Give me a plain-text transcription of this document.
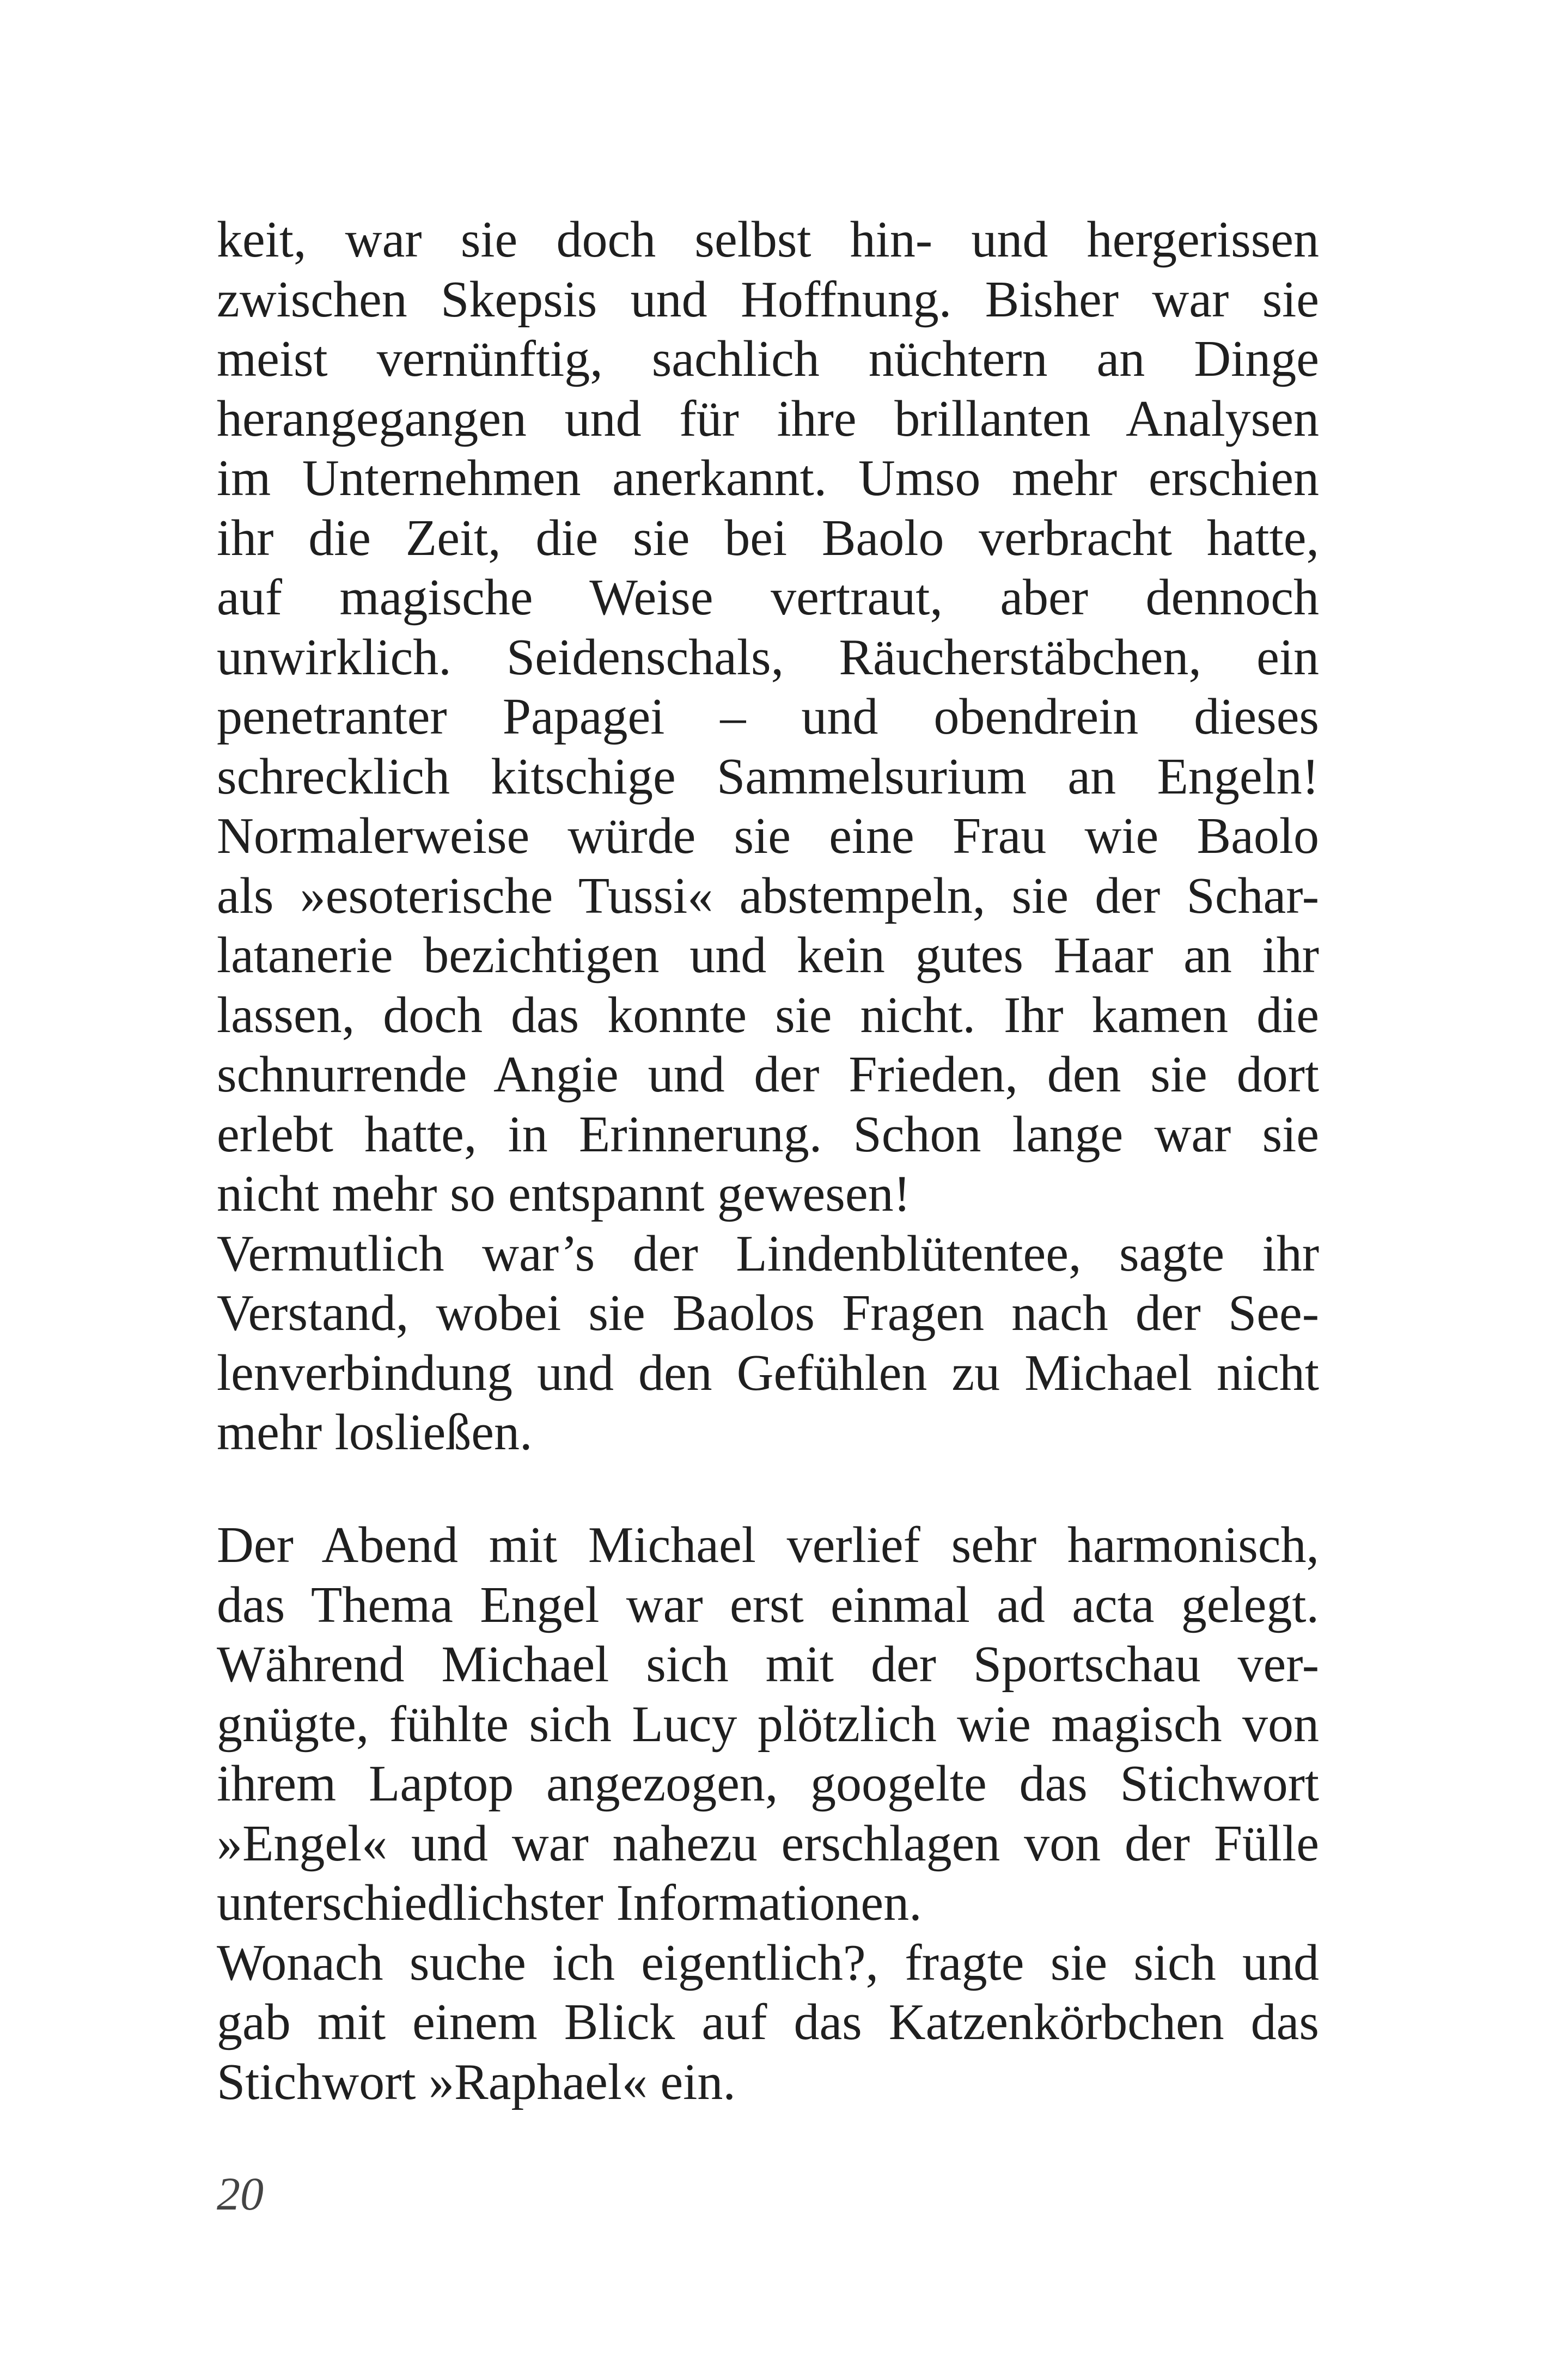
keit, war sie doch selbst hin- und hergerissen
zwischen Skepsis und Hoffnung. Bisher war sie
meist vernünftig, sachlich nüchtern an Dinge
herangegangen und für ihre brillanten Analysen
im Unternehmen anerkannt. Umso mehr erschien
ihr die Zeit, die sie bei Baolo verbracht hatte,
auf magische Weise vertraut, aber dennoch
unwirklich. Seidenschals, Räucherstäbchen, ein
penetranter Papagei – und obendrein dieses
schrecklich kitschige Sammelsurium an Engeln!
Normalerweise würde sie eine Frau wie Baolo
als »esoterische Tussi« abstempeln, sie der Schar-
latanerie bezichtigen und kein gutes Haar an ihr
lassen, doch das konnte sie nicht. Ihr kamen die
schnurrende Angie und der Frieden, den sie dort
erlebt hatte, in Erinnerung. Schon lange war sie
nicht mehr so entspannt gewesen!
Vermutlich war’s der Lindenblütentee, sagte ihr
Verstand, wobei sie Baolos Fragen nach der See-
lenverbindung und den Gefühlen zu Michael nicht
mehr losließen.
Der Abend mit Michael verlief sehr harmonisch,
das Thema Engel war erst einmal ad acta gelegt.
Während Michael sich mit der Sportschau ver-
gnügte, fühlte sich Lucy plötzlich wie magisch von
ihrem Laptop angezogen, googelte das Stichwort
»Engel« und war nahezu erschlagen von der Fülle
unterschiedlichster Informationen.
Wonach suche ich eigentlich?, fragte sie sich und
gab mit einem Blick auf das Katzenkörbchen das
Stichwort »Raphael« ein.
20
